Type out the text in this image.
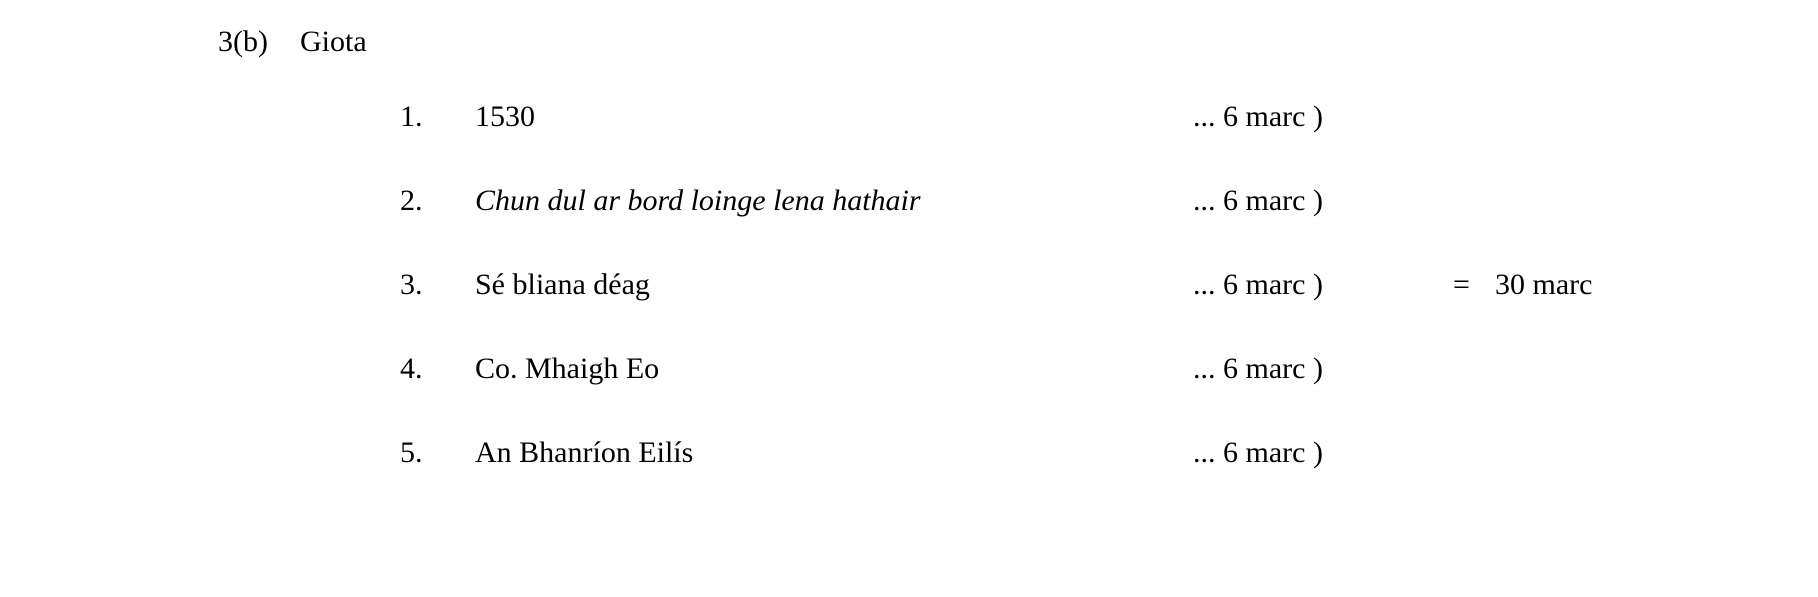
3(b) Giota
1.	1530	... 6 marc )
2.	Chun dul ar bord loinge lena hathair	... 6 marc )
3.	Sé bliana déag	... 6 marc )	= 30 marc
4.	Co. Mhaigh Eo	... 6 marc )
5.	An Bhanríon Eilís	... 6 marc )
